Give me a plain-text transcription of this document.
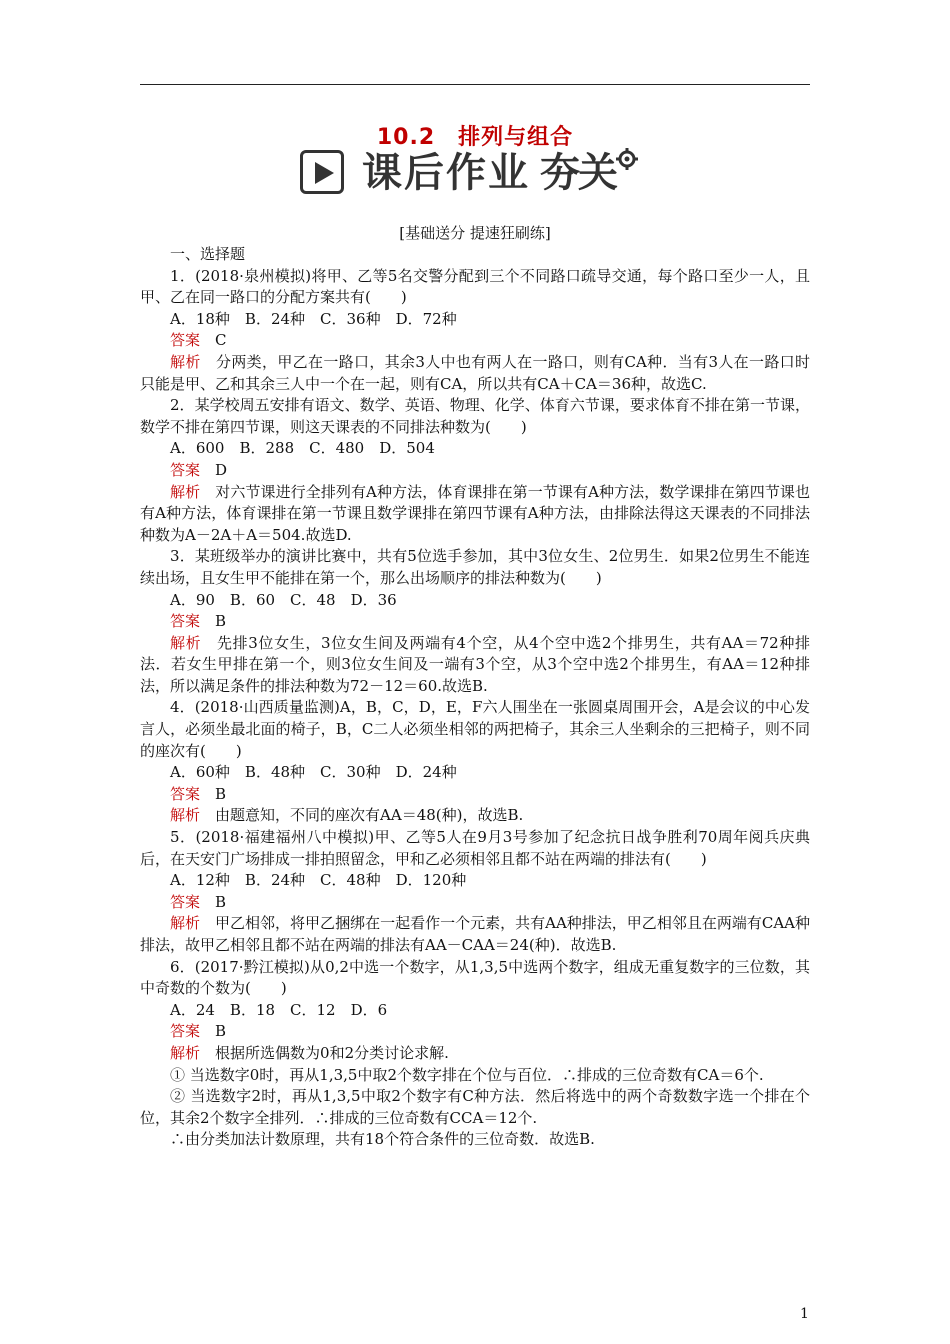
10.2　排列与组合
课后作业 夯关
[基础送分 提速狂刷练]

一、选择题

1．(2018·泉州模拟)将甲、乙等5名交警分配到三个不同路口疏导交通，每个路口至少一人，且甲、乙在同一路口的分配方案共有(　　)

A．18种　B．24种　C．36种　D．72种

答案　 C

解析　 分两类，甲乙在一路口，其余3人中也有两人在一路口，则有CA种．当有3人在一路口时只能是甲、乙和其余三人中一个在一起，则有CA，所以共有CA＋CA＝36种，故选C.

2．某学校周五安排有语文、数学、英语、物理、化学、体育六节课，要求体育不排在第一节课，数学不排在第四节课，则这天课表的不同排法种数为(　　)

A．600　B．288　C．480　D．504

答案　 D

解析　 对六节课进行全排列有A种方法，体育课排在第一节课有A种方法，数学课排在第四节课也有A种方法，体育课排在第一节课且数学课排在第四节课有A种方法，由排除法得这天课表的不同排法种数为A－2A＋A＝504.故选D.

3．某班级举办的演讲比赛中，共有5位选手参加，其中3位女生、2位男生．如果2位男生不能连续出场，且女生甲不能排在第一个，那么出场顺序的排法种数为(　　)

A．90　B．60　C．48　D．36

答案　 B

解析　 先排3位女生，3位女生间及两端有4个空，从4个空中选2个排男生，共有AA＝72种排法．若女生甲排在第一个，则3位女生间及一端有3个空，从3个空中选2个排男生，有AA＝12种排法，所以满足条件的排法种数为72－12＝60.故选B.

4．(2018·山西质量监测)A，B，C，D，E，F六人围坐在一张圆桌周围开会，A是会议的中心发言人，必须坐最北面的椅子，B，C二人必须坐相邻的两把椅子，其余三人坐剩余的三把椅子，则不同的座次有(　　)

A．60种　B．48种　C．30种　D．24种

答案　 B

解析　 由题意知，不同的座次有AA＝48(种)，故选B.

5．(2018·福建福州八中模拟)甲、乙等5人在9月3号参加了纪念抗日战争胜利70周年阅兵庆典后，在天安门广场排成一排拍照留念，甲和乙必须相邻且都不站在两端的排法有(　　)

A．12种　B．24种　C．48种　D．120种

答案　 B

解析　 甲乙相邻，将甲乙捆绑在一起看作一个元素，共有AA种排法，甲乙相邻且在两端有CAA种排法，故甲乙相邻且都不站在两端的排法有AA－CAA＝24(种)．故选B.

6．(2017·黔江模拟)从0,2中选一个数字，从1,3,5中选两个数字，组成无重复数字的三位数，其中奇数的个数为(　　)

A．24　B．18　C．12　D．6

答案　 B

解析　 根据所选偶数为0和2分类讨论求解.

① 当选数字0时，再从1,3,5中取2个数字排在个位与百位．∴排成的三位奇数有CA＝6个.

② 当选数字2时，再从1,3,5中取2个数字有C种方法．然后将选中的两个奇数数字选一个排在个位，其余2个数字全排列．∴排成的三位奇数有CCA＝12个.

∴由分类加法计数原理，共有18个符合条件的三位奇数．故选B.

1
